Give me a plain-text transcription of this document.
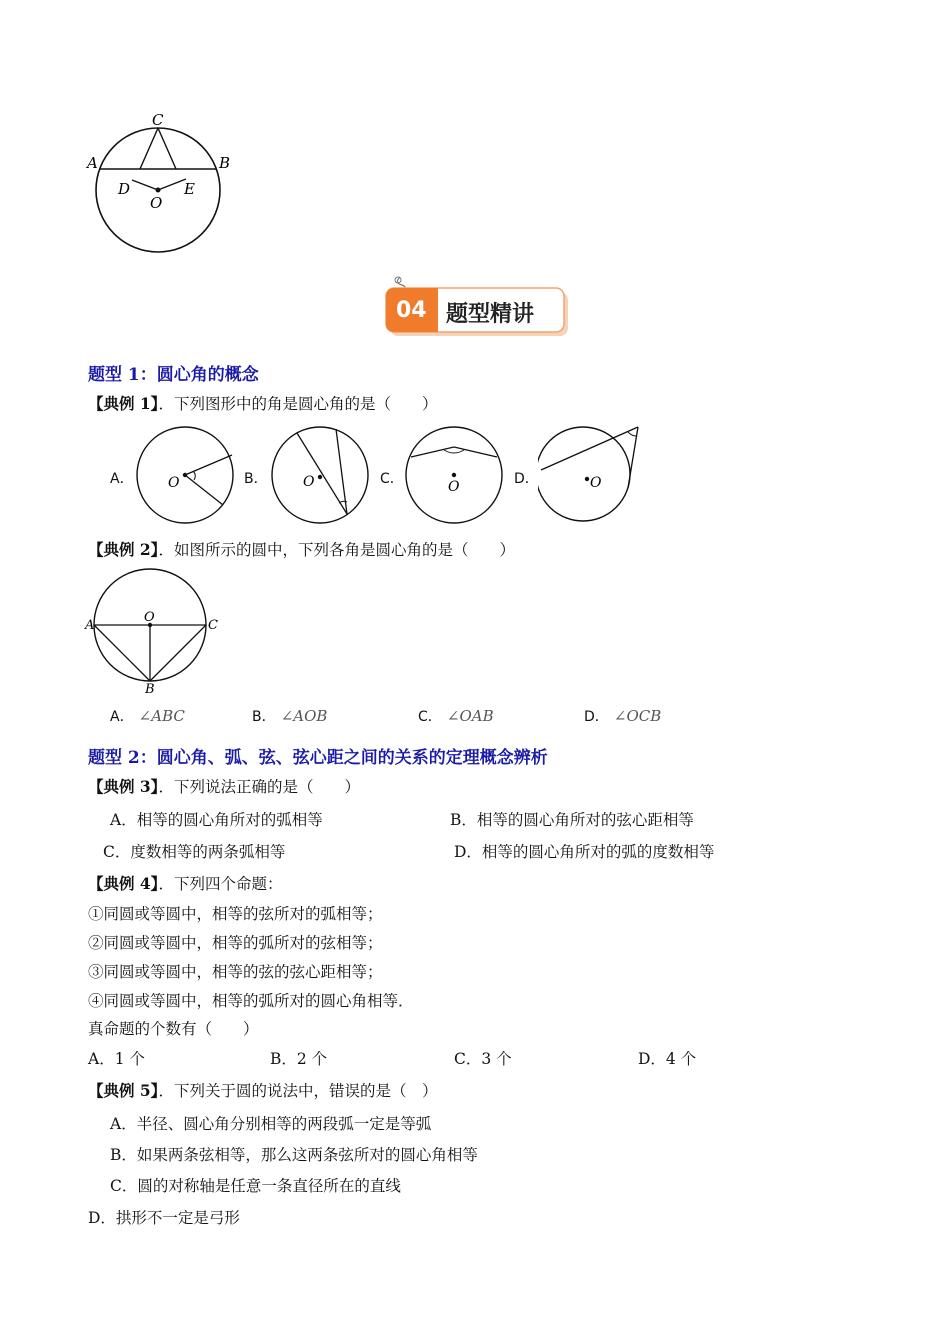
C
A	B
D	E
O
04 题型精讲
题型 1：圆心角的概念
【典例 1】．下列图形中的角是圆心角的是（　　）
A． O	B．	O	C．	O	D．	O
【典例 2】．如图所示的圆中，下列各角是圆心角的是（　　）
O
A	C
B
A． ∠ABC	B． ∠AOB	C． ∠OAB	D． ∠OCB
题型 2：圆心角、弧、弦、弦心距之间的关系的定理概念辨析
【典例 3】．下列说法正确的是（　　）
A．相等的圆心角所对的弧相等	B．相等的圆心角所对的弦心距相等
C．度数相等的两条弧相等	D．相等的圆心角所对的弧的度数相等
【典例 4】．下列四个命题：
①同圆或等圆中，相等的弦所对的弧相等；
②同圆或等圆中，相等的弧所对的弦相等；
③同圆或等圆中，相等的弦的弦心距相等；
④同圆或等圆中，相等的弧所对的圆心角相等．
真命题的个数有（　　）
A．1 个	B．2 个	C．3 个	D．4 个
【典例 5】．下列关于圆的说法中，错误的是（　）
A．半径、圆心角分别相等的两段弧一定是等弧
B．如果两条弦相等，那么这两条弦所对的圆心角相等
C．圆的对称轴是任意一条直径所在的直线
D．拱形不一定是弓形
